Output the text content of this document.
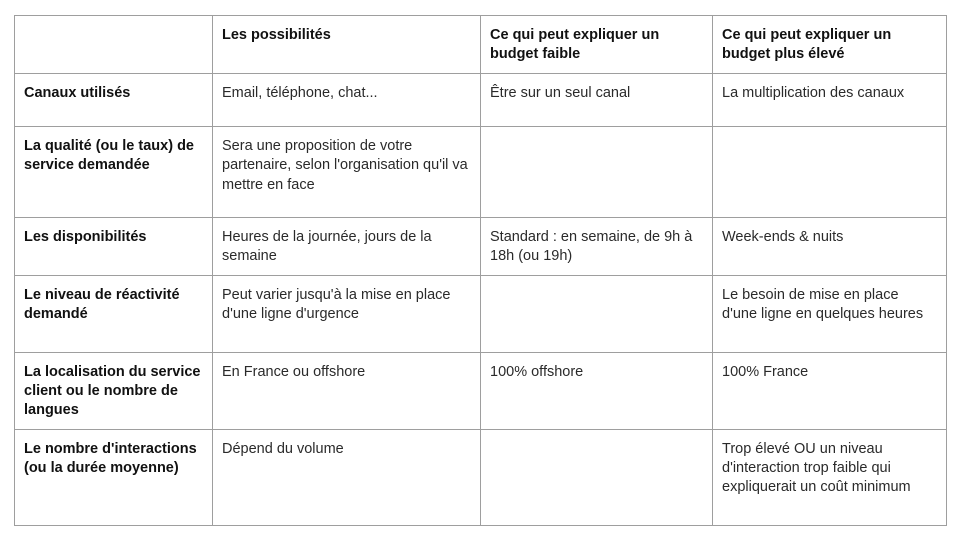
	Les possibilités	Ce qui peut expliquer un budget faible	Ce qui peut expliquer un budget plus élevé
Canaux utilisés	Email, téléphone, chat...	Être sur un seul canal	La multiplication des canaux
La qualité (ou le taux) de service demandée	Sera une proposition de votre partenaire, selon l'organisation qu'il va mettre en face		
Les disponibilités	Heures de la journée, jours de la semaine	Standard : en semaine, de 9h à 18h (ou 19h)	Week-ends & nuits
Le niveau de réactivité demandé	Peut varier jusqu'à la mise en place d'une ligne d'urgence		Le besoin de mise en place d'une ligne en quelques heures
La localisation du service client ou le nombre de langues	En France ou offshore	100% offshore	100% France
Le nombre d'interactions (ou la durée moyenne)	Dépend du volume		Trop élevé OU un niveau d'interaction trop faible qui expliquerait un coût minimum
